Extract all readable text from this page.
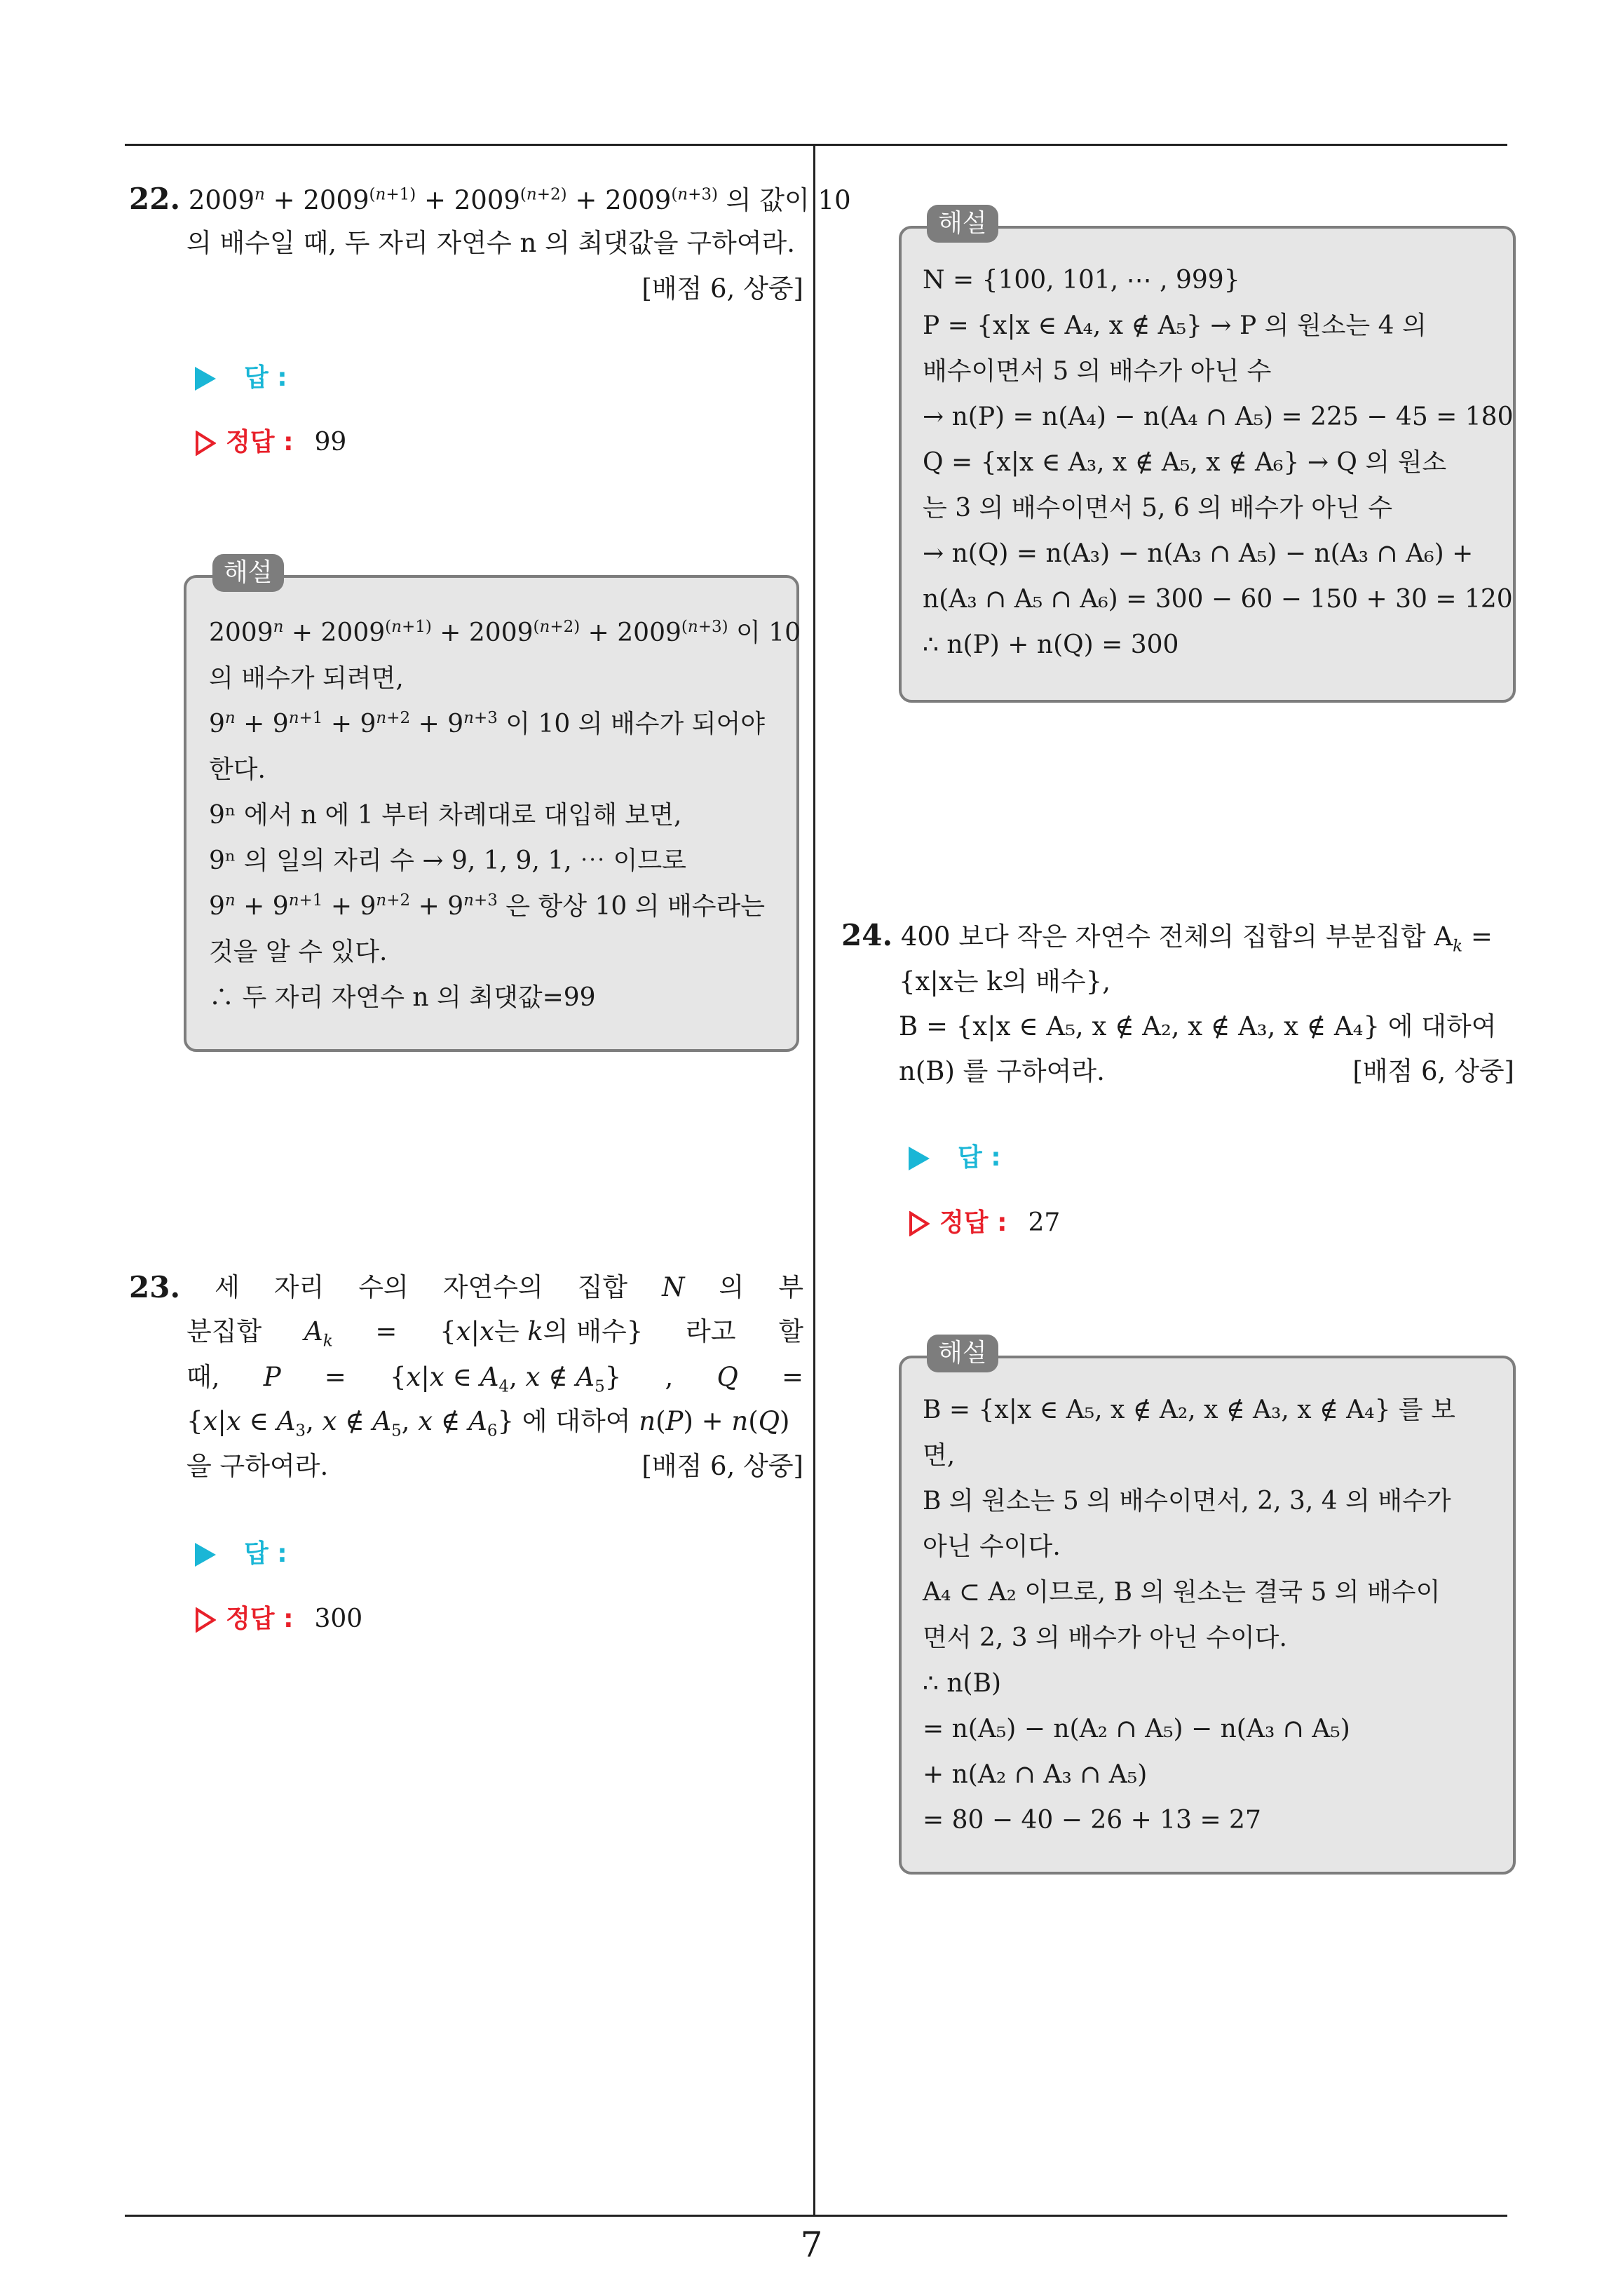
22. $2009^n + 2009^{(n+1)} + 2009^{(n+2)} + 2009^{(n+3)}$ 의 값이 10
의 배수일 때, 두 자리 자연수 n 의 최댓값을 구하여라.
[배점 6, 상중]
답 :
정답 : 99
$2009^n + 2009^{(n+1)} + 2009^{(n+2)} + 2009^{(n+3)}$ 이 10
의 배수가 되려면,
$9^n + 9^{n+1} + 9^{n+2} + 9^{n+3}$ 이 10 의 배수가 되어야
한다.
9ⁿ 에서 n 에 1 부터 차례대로 대입해 보면,
9ⁿ 의 일의 자리 수 → 9, 1, 9, 1, ⋯ 이므로
$9^n + 9^{n+1} + 9^{n+2} + 9^{n+3}$ 은 항상 10 의 배수라는
것을 알 수 있다.
∴ 두 자리 자연수 n 의 최댓값=99
해설
23. 세 자리 수의 자연수의 집합 N 의 부
분집합 $A_k = \{x|x$는 k의 배수} 라고 할
때, P = {x|x ∈ $A_4$, x ∉ $A_5$} , Q =
{x|x ∈ $A_3$, x ∉ $A_5$, x ∉ $A_6$} 에 대하여 n(P) + n(Q)
을 구하여라.	[배점 6, 상중]
답 :
정답 : 300
N = {100, 101, ⋯ , 999}
P = {x|x ∈ A₄, x ∉ A₅} → P 의 원소는 4 의
배수이면서 5 의 배수가 아닌 수
→ n(P) = n(A₄) − n(A₄ ∩ A₅) = 225 − 45 = 180
Q = {x|x ∈ A₃, x ∉ A₅, x ∉ A₆} → Q 의 원소
는 3 의 배수이면서 5, 6 의 배수가 아닌 수
→ n(Q) = n(A₃) − n(A₃ ∩ A₅) − n(A₃ ∩ A₆) +
n(A₃ ∩ A₅ ∩ A₆) = 300 − 60 − 150 + 30 = 120
∴ n(P) + n(Q) = 300
해설
24. 400 보다 작은 자연수 전체의 집합의 부분집합 $A_k$ =
{x|x는 k의 배수},
B = {x|x ∈ A₅, x ∉ A₂, x ∉ A₃, x ∉ A₄} 에 대하여
n(B) 를 구하여라.	[배점 6, 상중]
답 :
정답 : 27
B = {x|x ∈ A₅, x ∉ A₂, x ∉ A₃, x ∉ A₄} 를 보
면,
B 의 원소는 5 의 배수이면서, 2, 3, 4 의 배수가
아닌 수이다.
A₄ ⊂ A₂ 이므로, B 의 원소는 결국 5 의 배수이
면서 2, 3 의 배수가 아닌 수이다.
∴ n(B)
= n(A₅) − n(A₂ ∩ A₅) − n(A₃ ∩ A₅)
+ n(A₂ ∩ A₃ ∩ A₅)
= 80 − 40 − 26 + 13 = 27
해설
7
